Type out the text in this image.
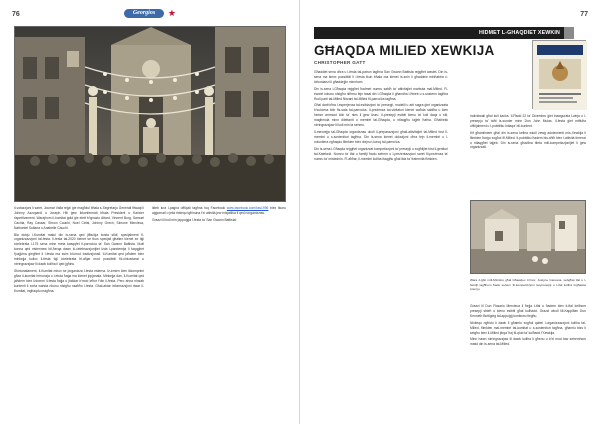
76	Georgios	★

il-votazzjoni li saret, Joumar Valla reġa' ġie magħżul bħala s-Segretarju Ġenerali filwaqt li Johnny Azzopardi u Joseph Hili ġew ikkonfermati bħala President u Kaxxier rispettivament. Warajhom il-kumitat ġdid ġie elett b'Ignazio Attard, Vincent Borg, Samuel Cachia, Ray Cassar, Simon Cauchi, Noel Cefai, Johnny Grech, Simone Mercieca, Nathaniel Sultana u Anabelle Cauchi.

Bla dubju l-Kumitat matul din is-sena qed jiffaċċja bosta sfidi, speċjalment fl-organizzazzjoni tal-festa. Il-festa tal-2020 kienet se tkun speċjali għaliex kienet se tiġi ċċelebrata l-175 sena minn meta twaqqfet il-parroċċa ta' San Gwann Battista. Ilkoll konna qed nistennew bil-ħerqa dawn iċ-ċelebrazzjonijiet iżda l-pandemija li faqqgħet f'pajjiżna ġiegħlet li l-festa ma ssirx bil-mod tradizzjonali. Il-Kumitat qed jaħdem biex minkejja kollox il-festa tiġi ċċelebrata bl-aħjar mod possibbli fiċ-ċirkostanzi u nirringrazzjaw lil dawk kollha li qed jgħinu.

Sfortunatament, il-Kumitat mhux se jorganizza l-festa esterna. Iż-żmien kien ikkomprimi għax il-kumitat irrinunzja u l-ebda ħaġa ma kienet ippjanata. Minkejja dan, il-Kumitat qed jaħdem biex iżżomm il-festa ħajja u jfakkar b'mod ieħor f'din il-festa. Pero ahna ninsab kuntenti li xorta wahda nkunu nistgħu nsaħħu l-festa. Ghal-aktar informazzjoni dwar il-Kumitat, ingħaqdu magħna.

ikteb lura l-paġna uffiċjali tagħna fuq Facebook www.facebook.com/kss1996 biex tkunu aġġornati u jekk tixtiequ tgħinuna f'xi attività jew inizjattiva li qed norganizzaw.

Grazzi lil kull min jappoġġa l-festa ta' San Gwann Battista!

77
HIDMET L-GHAQDIET XEWKIN
GĦAQDA MILIED XEWKIJA
CHRISTOPHER GATT

Għaddiet sena oħra u l-festa tal-patrun tagħna San Gwann Battista reġgħet waslet. Din is-sena ma kienx possibbli li l-festa tkun bħala ma kienet is-snin li għaddew minħabba ċ-ċirkostanzi li għaddejjin minnhom.

Din is-sena l-Għaqda reġgħet ħadmet numru sabiħ ta' attivitajiet marbuta mal-Milied. Fl-ewwel inkunu nistgħu nifhmu fejn tasal din l-Għaqda li għandha l-ħbieb u s-sostenn tagħha f'kull parti tal-Milied Nisrani tal-Milied fil-parroċċa tagħna.

Għal darb'oħra l-esperjenza tal-esibizzjoni ta' presepji, mudelli u arti sagra ġiet organizzata b'suċċess kbir fis-sala tal-parroċċa. Il-preżenza tal-viżitaturi kienet waħda sabiħa u kien hemm ammont kbir ta' nies li ġew iżuru. Il-presepji esibiti kienu ta' kull daqs u stil, magħmula minn dilettanti u membri tal-Għaqda, u ntlaqgħu tajjeb ħafna. Għalhekk nirringrazzjaw lil kull min ta sehmu.

Il-mexxejja tal-Għaqda organizzaw ukoll il-preparazzjoni għall-attivitajiet tal-Milied fost il-membri u s-sostenituri tagħna. Din is-sena kienet okkażjoni oħra fejn il-membri u l-voluntiera ngħaqdu flimkien biex iżejnu t-toroq tal-parroċċa.

Din is-sena l-Għaqda reġgħet organizzat kompetizzjoni ta' presepji u xogħlijiet fost il-ġenituri tal-Katekeżi. Numru ta' tfal u familji ħadu sehem u l-preżentazzjoni saret fil-preżenza ta' numru ta' mistednin. Fl-aħħar, il-membri kollha ltaqgħu għal ikla ta' fraternità flimkien.

individwali għal kull kaċċa. Il-Ħadd 22 ta' Diċembru ġiet inawgurata l-wirja u l-presepju ta' taħt is-sunder minn Don John Mulas. Il-festa ġiet miftuħa uffiċjalment u l-pubbliku intlaqa' bil-kuntent.

Kif għamilniem għal din is-sena kellna wkoll żewġ adolexxenti mis-Xewkija li flimkien ħarġu xogħol fil-Milied. Il-pubbliku ħadem bis-sħiħ biex l-attività tirnexxi u ntlaqgħet tajjeb. Din is-sena għażilna tlieta mill-kompetizzjonijiet li ġew organizzati.

Wara il-ġbir mill-Ministru għal Għawdex l-Onor. Justyne Caruana, sebgħat tfal u l-familji tagħhom ħadu sehem fil-kompetizzjoni tal-presepji u t-tfal kollha ingħataw premju.

Grazzi lil Dun Rosario Mercieca li ħejja t-tfal u ħadem biex it-tfal kellhom presepji sbieħ u kienu esibiti għal kulħadd. Grazzi wkoll lill-Kappillan Dun Kenneth Buttigieg tal-appoġġ kontinwu tiegħu.

Nixtiequ ngħidu li dawk li għamlu xogħol qabel l-organizzazzjoni kollha tal-Milied, flimkien mal-membri tal-kumitat u s-sostenituri tagħna, għamlu biss li setgħu biex il-Milied jibqa' ħaj fil-qlub ta' kulħadd f'Xewkija.

Minn hawn nirringrazzjaw lil dawk kollha li għenu u b'xi mod taw sehemhom matul din is-sena tal-Milied.
